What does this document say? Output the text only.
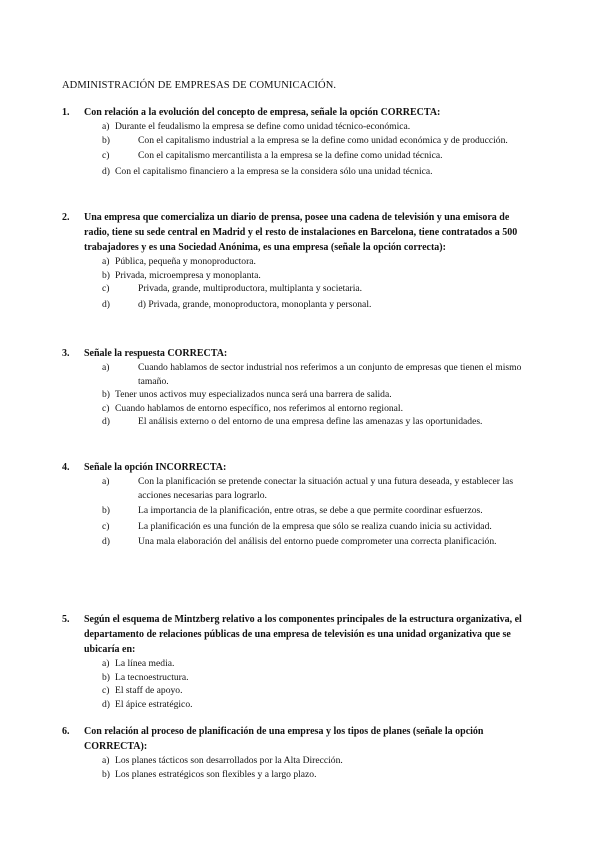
ADMINISTRACIÓN DE EMPRESAS DE COMUNICACIÓN.
1.	Con relación a la evolución del concepto de empresa, señale la opción CORRECTA:
a) Durante el feudalismo la empresa se define como unidad técnico-económica.
b)	Con el capitalismo industrial a la empresa se la define como unidad económica y de producción.
c)	Con el capitalismo mercantilista a la empresa se la define como unidad técnica.
d) Con el capitalismo financiero a la empresa se la considera sólo una unidad técnica.
2.	Una empresa que comercializa un diario de prensa, posee una cadena de televisión y una emisora de radio, tiene su sede central en Madrid y el resto de instalaciones en Barcelona, tiene contratados a 500 trabajadores y es una Sociedad Anónima, es una empresa (señale la opción correcta):
a) Pública, pequeña y monoproductora.
b) Privada, microempresa y monoplanta.
c)	Privada, grande, multiproductora, multiplanta y societaria.
d)	d) Privada, grande, monoproductora, monoplanta y personal.
3.	Señale la respuesta CORRECTA:
a)	Cuando hablamos de sector industrial nos referimos a un conjunto de empresas que tienen el mismo tamaño.
b) Tener unos activos muy especializados nunca será una barrera de salida.
c) Cuando hablamos de entorno específico, nos referimos al entorno regional.
d)	El análisis externo o del entorno de una empresa define las amenazas y las oportunidades.
4.	Señale la opción INCORRECTA:
a)	Con la planificación se pretende conectar la situación actual y una futura deseada, y establecer las acciones necesarias para lograrlo.
b)	La importancia de la planificación, entre otras, se debe a que permite coordinar esfuerzos.
c)	La planificación es una función de la empresa que sólo se realiza cuando inicia su actividad.
d)	Una mala elaboración del análisis del entorno puede comprometer una correcta planificación.
5.	Según el esquema de Mintzberg relativo a los componentes principales de la estructura organizativa, el departamento de relaciones públicas de una empresa de televisión es una unidad organizativa que se ubicaría en:
a) La línea media.
b) La tecnoestructura.
c) El staff de apoyo.
d) El ápice estratégico.
6.	Con relación al proceso de planificación de una empresa y los tipos de planes (señale la opción CORRECTA):
a) Los planes tácticos son desarrollados por la Alta Dirección.
b) Los planes estratégicos son flexibles y a largo plazo.
